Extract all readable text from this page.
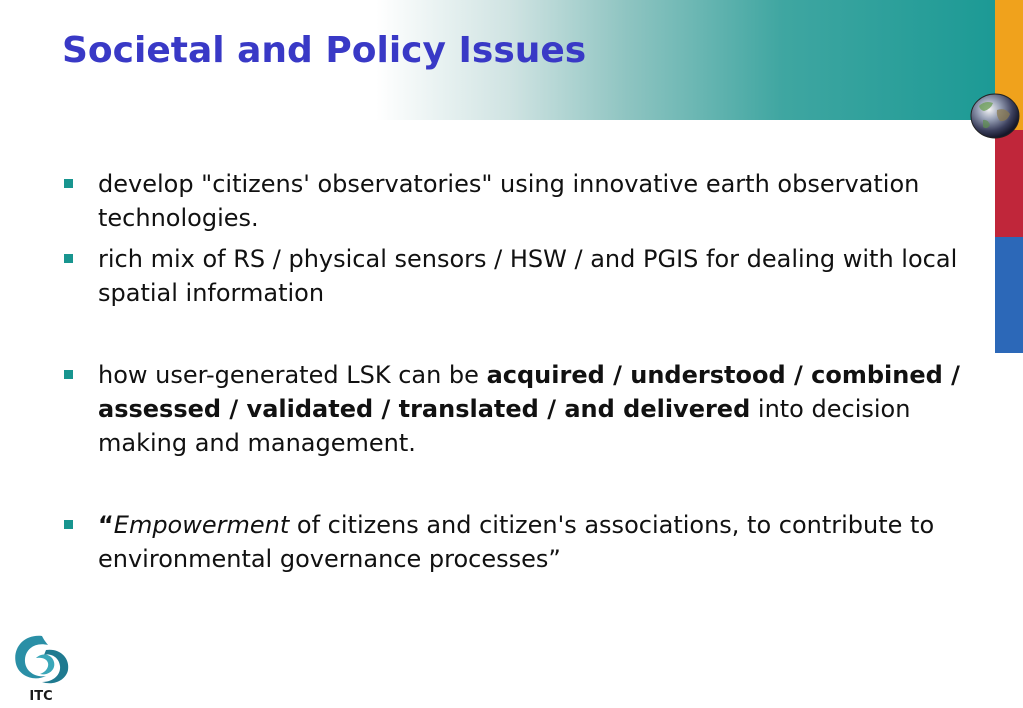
Societal and Policy Issues
develop "citizens' observatories" using innovative earth observation technologies.
rich mix of RS / physical sensors / HSW / and PGIS for dealing with local spatial information
how user-generated LSK can be acquired / understood / combined / assessed / validated / translated / and delivered into decision making and management.
“Empowerment of citizens and citizen's associations, to contribute to environmental governance processes”
ITC
